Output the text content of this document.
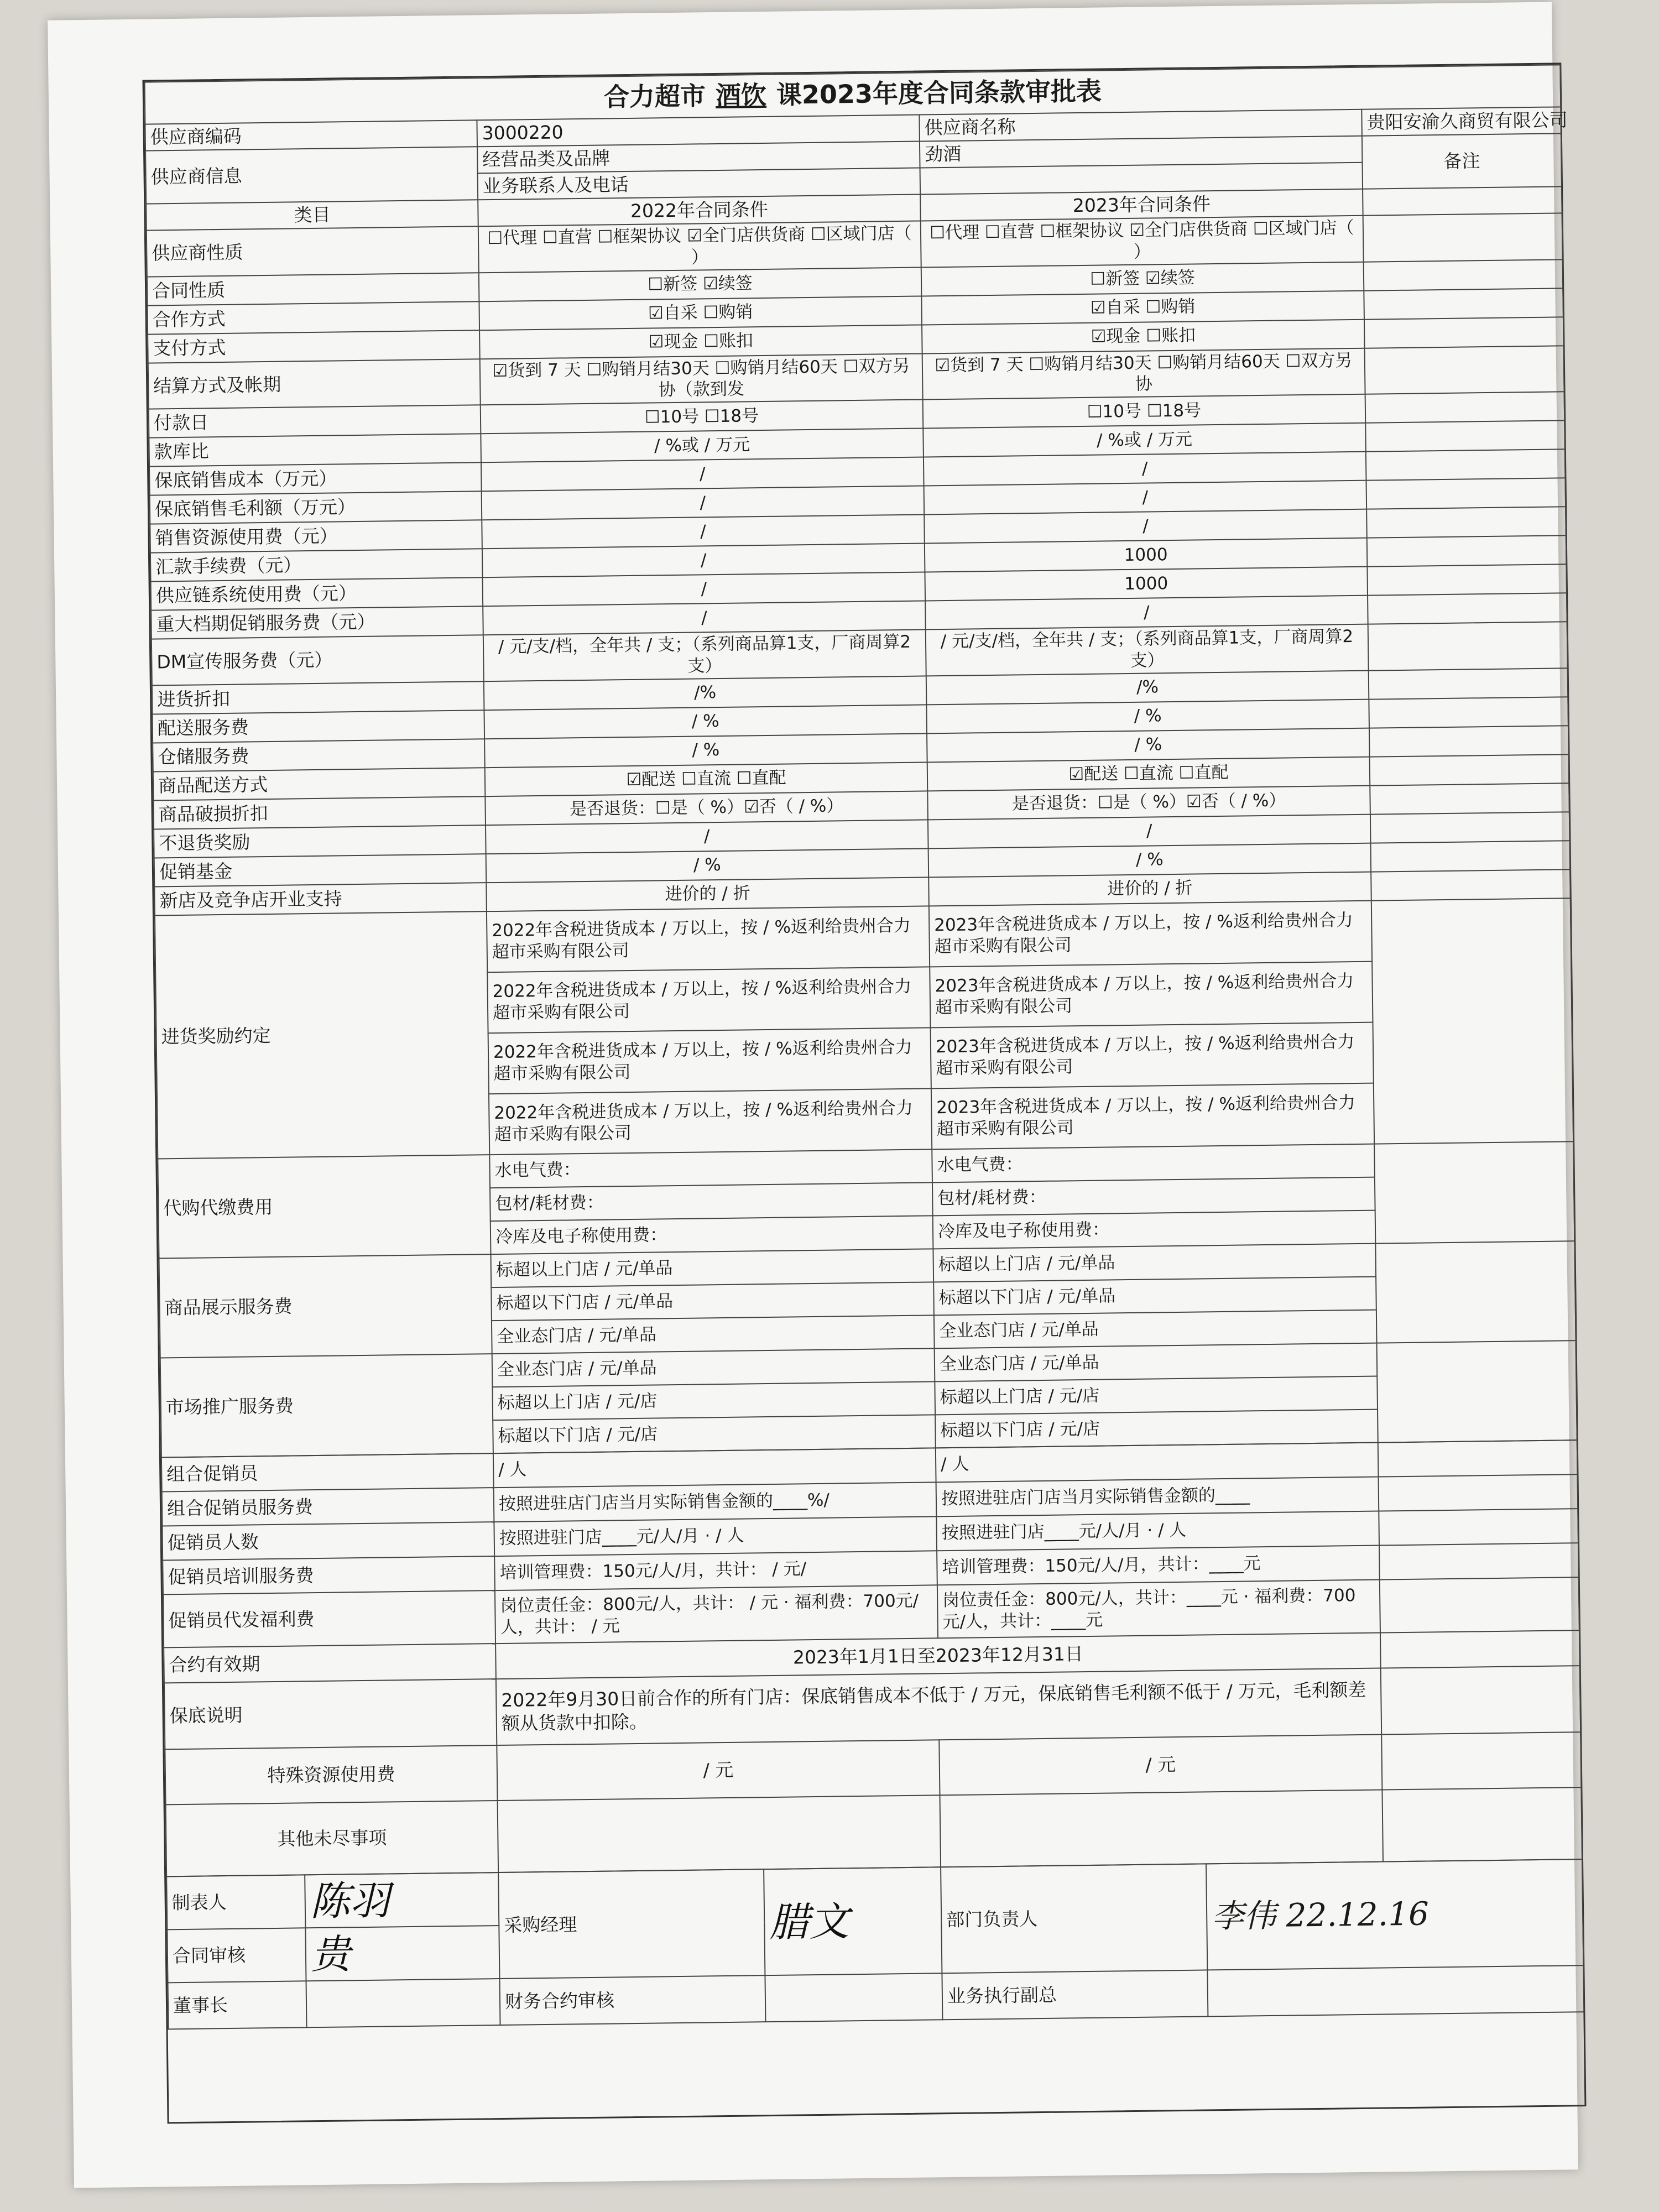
合力超市 酒饮 课2023年度合同条款审批表			
供应商编码	3000220	供应商名称	贵阳安渝久商贸有限公司
供应商信息	经营品类及品牌	劲酒	备注
	业务联系人及电话		
类目	2022年合同条件	2023年合同条件	
供应商性质	☐代理 ☐直营 ☐框架协议 ☑全门店供货商 ☐区域门店（ ）	☐代理 ☐直营 ☐框架协议 ☑全门店供货商 ☐区域门店（ ）	
合同性质	☐新签 ☑续签	☐新签 ☑续签	
合作方式	☑自采 ☐购销	☑自采 ☐购销	
支付方式	☑现金 ☐账扣	☑现金 ☐账扣	
结算方式及帐期	☑货到 7 天 ☐购销月结30天 ☐购销月结60天 ☐双方另协（款到发	☑货到 7 天 ☐购销月结30天 ☐购销月结60天 ☐双方另协	
付款日	☐10号 ☐18号	☐10号 ☐18号	
款库比	/ %或 / 万元	/ %或 / 万元	
保底销售成本（万元）	/	/	
保底销售毛利额（万元）	/	/	
销售资源使用费（元）	/	/	
汇款手续费（元）	/	1000	
供应链系统使用费（元）	/	1000	
重大档期促销服务费（元）	/	/	
DM宣传服务费（元）	/ 元/支/档，全年共 / 支；（系列商品算1支，厂商周算2支）	/ 元/支/档，全年共 / 支；（系列商品算1支，厂商周算2支）	
进货折扣	/%	/%	
配送服务费	/ %	/ %	
仓储服务费	/ %	/ %	
商品配送方式	☑配送 ☐直流 ☐直配	☑配送 ☐直流 ☐直配	
商品破损折扣	是否退货：☐是（ %）☑否（ / %）	是否退货：☐是（ %）☑否（ / %）	
不退货奖励	/	/	
促销基金	/ %	/ %	
新店及竞争店开业支持	进价的 / 折	进价的 / 折	
进货奖励约定	2022年含税进货成本 / 万以上，按 / %返利给贵州合力超市采购有限公司	2023年含税进货成本 / 万以上，按 / %返利给贵州合力超市采购有限公司	
	2022年含税进货成本 / 万以上，按 / %返利给贵州合力超市采购有限公司	2023年含税进货成本 / 万以上，按 / %返利给贵州合力超市采购有限公司	
	2022年含税进货成本 / 万以上，按 / %返利给贵州合力超市采购有限公司	2023年含税进货成本 / 万以上，按 / %返利给贵州合力超市采购有限公司	
	2022年含税进货成本 / 万以上，按 / %返利给贵州合力超市采购有限公司	2023年含税进货成本 / 万以上，按 / %返利给贵州合力超市采购有限公司	
代购代缴费用	水电气费：	水电气费：	
	包材/耗材费：	包材/耗材费：	
	冷库及电子称使用费：	冷库及电子称使用费：	
商品展示服务费	标超以上门店 / 元/单品	标超以上门店 / 元/单品	
	标超以下门店 / 元/单品	标超以下门店 / 元/单品	
	全业态门店 / 元/单品	全业态门店 / 元/单品	
市场推广服务费	全业态门店 / 元/单品	全业态门店 / 元/单品	
	标超以上门店 / 元/店	标超以上门店 / 元/店	
	标超以下门店 / 元/店	标超以下门店 / 元/店	
组合促销员	/ 人	/ 人	
组合促销员服务费	按照进驻店门店当月实际销售金额的____%/	按照进驻店门店当月实际销售金额的____	
促销员人数	按照进驻门店____元/人/月 · / 人	按照进驻门店____元/人/月 · / 人	
促销员培训服务费	培训管理费：150元/人/月，共计： / 元/	培训管理费：150元/人/月，共计：____元	
促销员代发福利费	岗位责任金：800元/人，共计： / 元 · 福利费：700元/人，共计： / 元	岗位责任金：800元/人，共计：____元 · 福利费：700元/人，共计：____元	
合约有效期	2023年1月1日至2023年12月31日		
保底说明	2022年9月30日前合作的所有门店：保底销售成本不低于 / 万元，保底销售毛利额不低于 / 万元，毛利额差额从货款中扣除。		
特殊资源使用费	/ 元	/ 元	
其他未尽事项			
制表人	陈羽	采购经理	腊文	部门负责人	李伟 22.12.16
合同审核	贵				
董事长		财务合约审核		业务执行副总	
